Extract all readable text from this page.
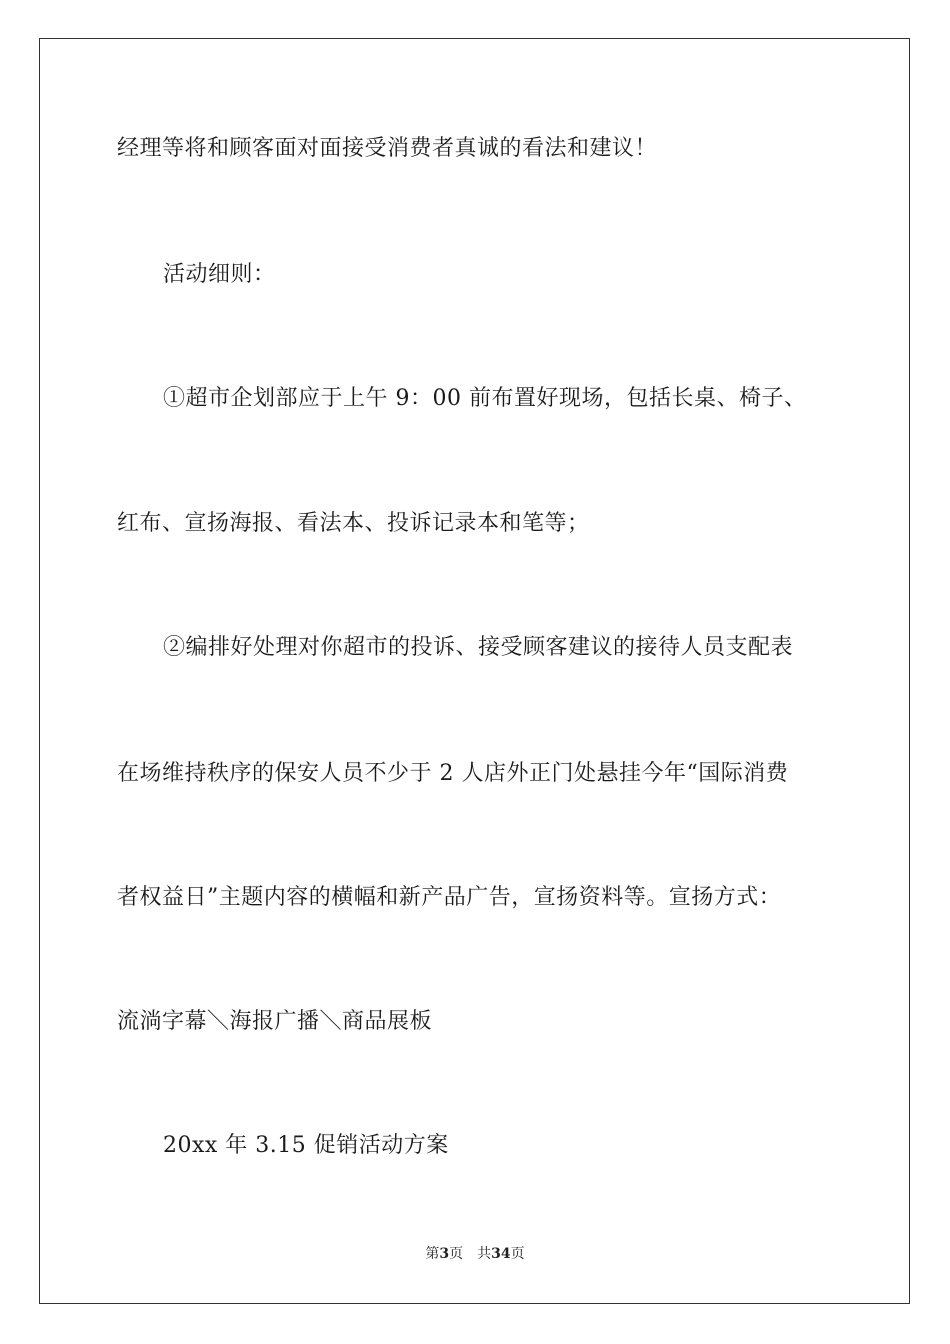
经理等将和顾客面对面接受消费者真诚的看法和建议！
活动细则：
①超市企划部应于上午 9：00 前布置好现场，包括长桌、椅子、
红布、宣扬海报、看法本、投诉记录本和笔等；
②编排好处理对你超市的投诉、接受顾客建议的接待人员支配表
在场维持秩序的保安人员不少于 2 人店外正门处悬挂今年“国际消费
者权益日”主题内容的横幅和新产品广告，宣扬资料等。宣扬方式：
流淌字幕＼海报广播＼商品展板
20xx 年 3.15 促销活动方案
第3页 共34页
